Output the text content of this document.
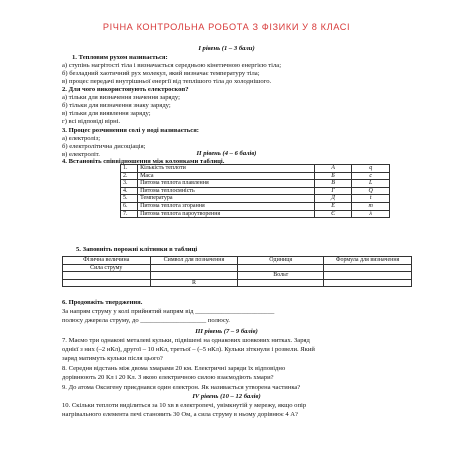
РІЧНА КОНТРОЛЬНА РОБОТА З ФІЗИКИ У 8 КЛАСІ
І рівень (1 – 3 бали)
1. Тепловим рухом називається:
а) ступінь нагрітості тіла і визначається середньою кінетичною енергією тіла;
б) безладний хаотичний рух молекул, який визначає температуру тіла;
в) процес передачі внутрішньої енергії від теплішого тіла до холоднішого.
2. Для чого використовують електроскоп?
а) тільки для визначення значення заряду;
б) тільки для визначення знаку заряду;
в) тільки для виявлення заряду;
г) всі відповіді вірні.
3. Процес розчинення солі у воді називається:
а) електроліз;
б) електролітична дисоціація;
в) електроліт.	ІІ рівень (4 – 6 балів)
4. Встановіть співвідношення між колонками таблиці.
1.	Кількість теплоти	A	q
2.	Маса	Б	c
3.	Питома теплота плавлення	В	L
4.	Питома теплоємність	Г	Q
5.	Температура	Д	t
6.	Питома теплота згорання	Е	m
7.	Питома теплота пароутворення	Є	λ
5. Заповніть порожні клітинки в таблиці
Фізична величина	Символ для позначення	Одиниця	Формула для визначення
Сила струму			
		Вольт	
	R		
6. Продовжіть твердження.
За напрям струму у колі прийнятий напрям від ________________________
полюсу джерела струму, до ____________________ полюсу.
ІІІ рівень (7 – 9 балів)
7. Маємо три однакові металеві кульки, підвішені на однакових шовкових нитках. Заряд
однієї з них (–2 нКл), другої – 10 нКл, третьої – (–5 нКл). Кульки зіткнули і розвели. Який
заряд матимуть кульки після цього?
8. Середня відстань між двома хмарами 20 км. Електричні заряди їх відповідно
дорівнюють 20 Кл і 20 Кл. З якою електричною силою взаємодіють хмари?
9. До атома Оксигену приєднався один електрон. Як називається утворена частинка?
IV рівень (10 – 12 балів)
10. Скільки теплоти виділиться за 10 хв в електропечі, увімкнутій у мережу, якщо опір
нагрівального елемента печі становить 30 Ом, а сила струму в ньому дорівнює 4 А?
